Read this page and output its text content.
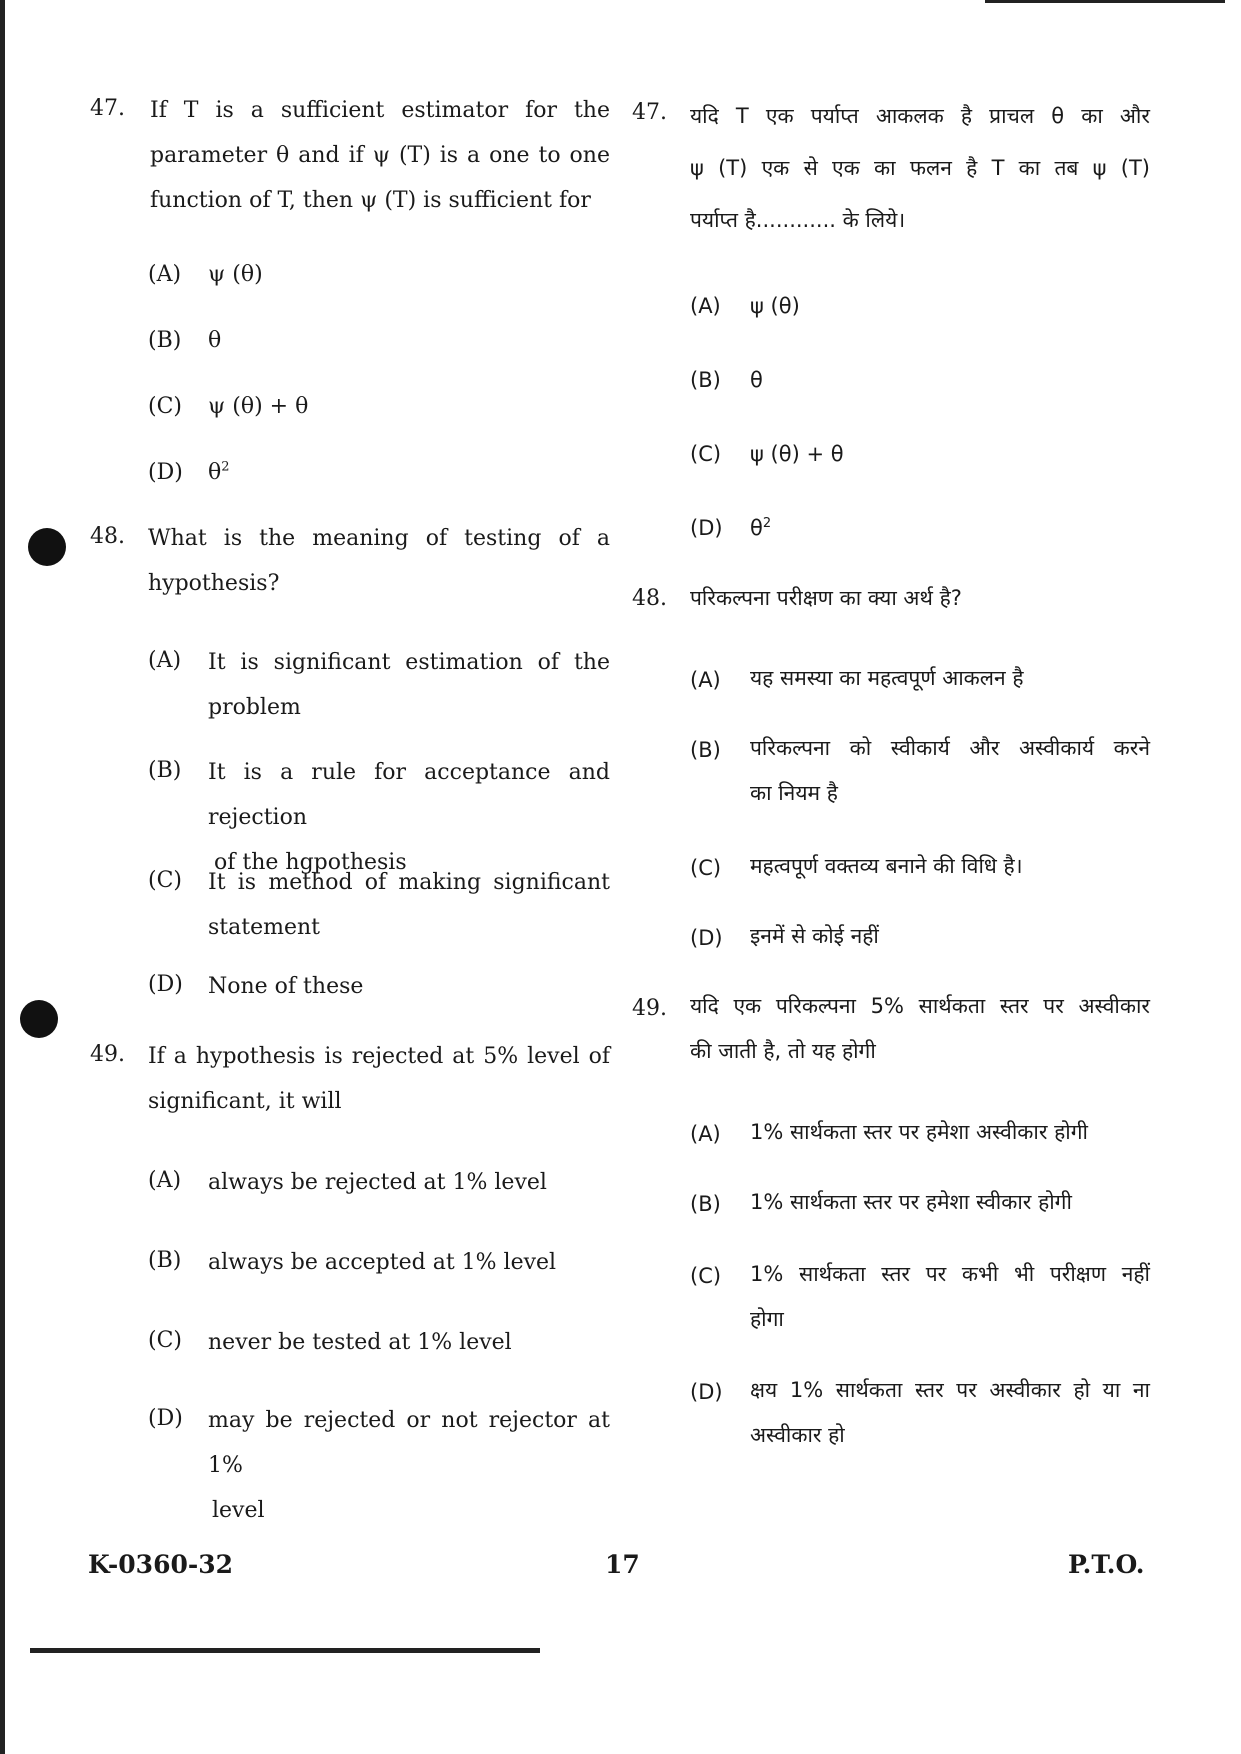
47. If T is a sufficient estimator for the
parameter θ and if ψ (T) is a one to one
function of T, then ψ (T) is sufficient for
(A) ψ (θ)
(B) θ
(C) ψ (θ) + θ
(D) $\theta^2$
48. What is the meaning of testing of a
hypothesis?
(A) It is significant estimation of the
problem
(B) It is a rule for acceptance and rejection
of the hgpothesis
(C) It is method of making significant
statement
(D) None of these
49. If a hypothesis is rejected at 5% level of
significant, it will
(A) always be rejected at 1% level
(B) always be accepted at 1% level
(C) never be tested at 1% level
(D) may be rejected or not rejector at 1%
level
47. यदि T एक पर्याप्त आकलक है प्राचल θ का और
ψ (T) एक से एक का फलन है T का तब ψ (T)
पर्याप्त है............ के लिये।
(A) ψ (θ)
(B) θ
(C) ψ (θ) + θ
(D) $\theta^2$
48. परिकल्पना परीक्षण का क्या अर्थ है?
(A) यह समस्या का महत्वपूर्ण आकलन है
(B) परिकल्पना को स्वीकार्य और अस्वीकार्य करने
का नियम है
(C) महत्वपूर्ण वक्तव्य बनाने की विधि है।
(D) इनमें से कोई नहीं
49. यदि एक परिकल्पना 5% सार्थकता स्तर पर अस्वीकार
की जाती है, तो यह होगी
(A) 1% सार्थकता स्तर पर हमेशा अस्वीकार होगी
(B) 1% सार्थकता स्तर पर हमेशा स्वीकार होगी
(C) 1% सार्थकता स्तर पर कभी भी परीक्षण नहीं
होगा
(D) क्षय 1% सार्थकता स्तर पर अस्वीकार हो या ना
अस्वीकार हो
K-0360-32	17	P.T.O.
